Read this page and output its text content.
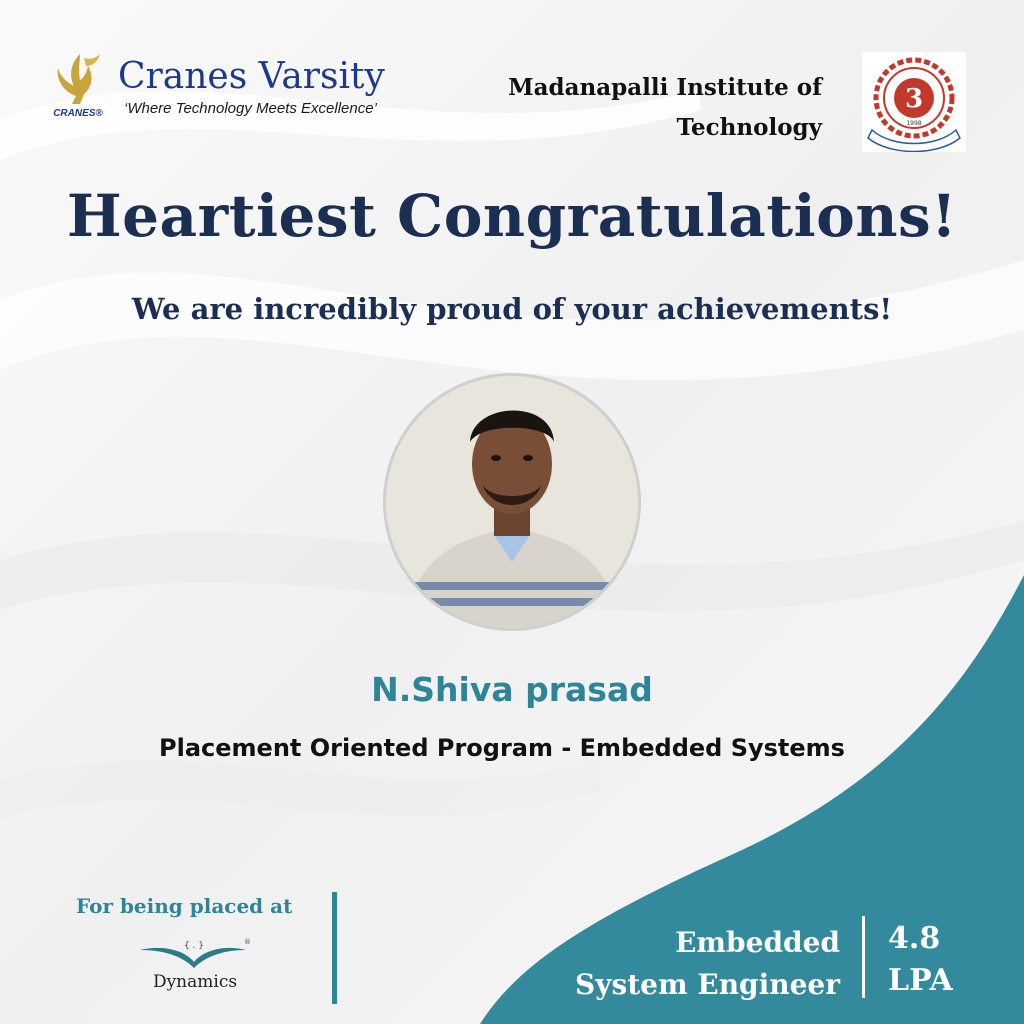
CRANES®
Cranes Varsity
‘Where Technology Meets Excellence’
Madanapalli Institute of Technology
3
1998
Heartiest Congratulations!
We are incredibly proud of your achievements!
N.Shiva prasad
Placement Oriented Program - Embedded Systems
For being placed at
{ . }	®
Dynamics
Embedded
System Engineer
4.8
LPA
